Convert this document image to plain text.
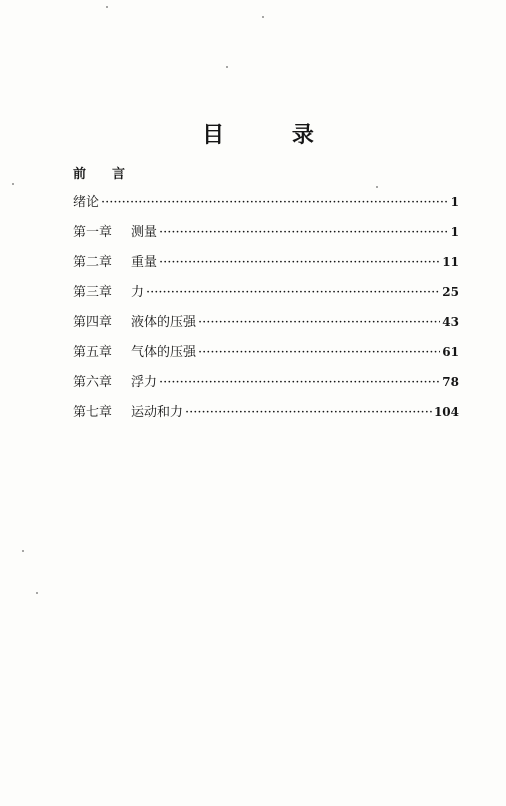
目 录
前言
绪论 ·····	1
第一章	测量 ·····	1
第二章	重量 ·····	11
第三章	力 ·····	25
第四章	液体的压强 ·····	43
第五章	气体的压强 ·····	61
第六章	浮力 ·····	78
第七章	运动和力 ·····	104
